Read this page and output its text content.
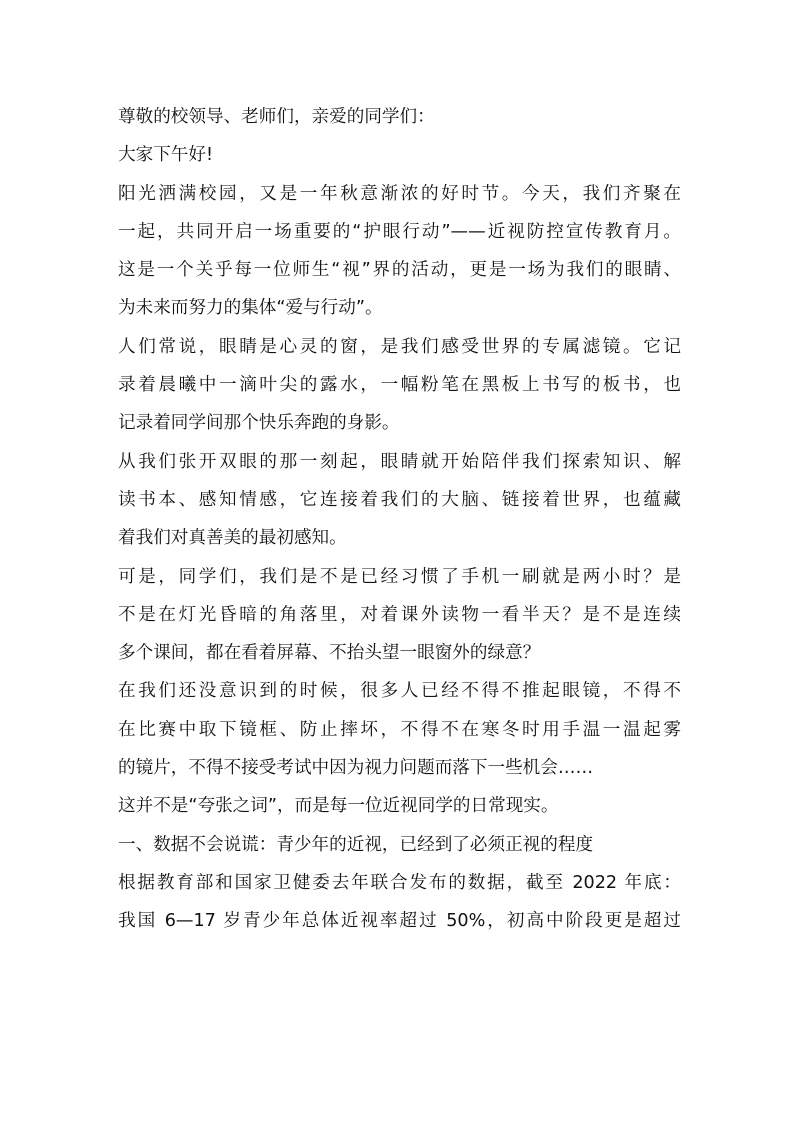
尊敬的校领导、老师们，亲爱的同学们：
大家下午好!
阳光洒满校园，又是一年秋意渐浓的好时节。今天，我们齐聚在
一起，共同开启一场重要的“护眼行动”——近视防控宣传教育月。
这是一个关乎每一位师生“视”界的活动，更是一场为我们的眼睛、
为未来而努力的集体“爱与行动”。
人们常说，眼睛是心灵的窗，是我们感受世界的专属滤镜。它记
录着晨曦中一滴叶尖的露水，一幅粉笔在黑板上书写的板书，也
记录着同学间那个快乐奔跑的身影。
从我们张开双眼的那一刻起，眼睛就开始陪伴我们探索知识、解
读书本、感知情感，它连接着我们的大脑、链接着世界，也蕴藏
着我们对真善美的最初感知。
可是，同学们，我们是不是已经习惯了手机一刷就是两小时？是
不是在灯光昏暗的角落里，对着课外读物一看半天？是不是连续
多个课间，都在看着屏幕、不抬头望一眼窗外的绿意？
在我们还没意识到的时候，很多人已经不得不推起眼镜，不得不
在比赛中取下镜框、防止摔坏，不得不在寒冬时用手温一温起雾
的镜片，不得不接受考试中因为视力问题而落下一些机会……
这并不是“夸张之词”，而是每一位近视同学的日常现实。
一、数据不会说谎：青少年的近视，已经到了必须正视的程度
根据教育部和国家卫健委去年联合发布的数据，截至 2022 年底：
我国 6—17 岁青少年总体近视率超过 50%，初高中阶段更是超过
